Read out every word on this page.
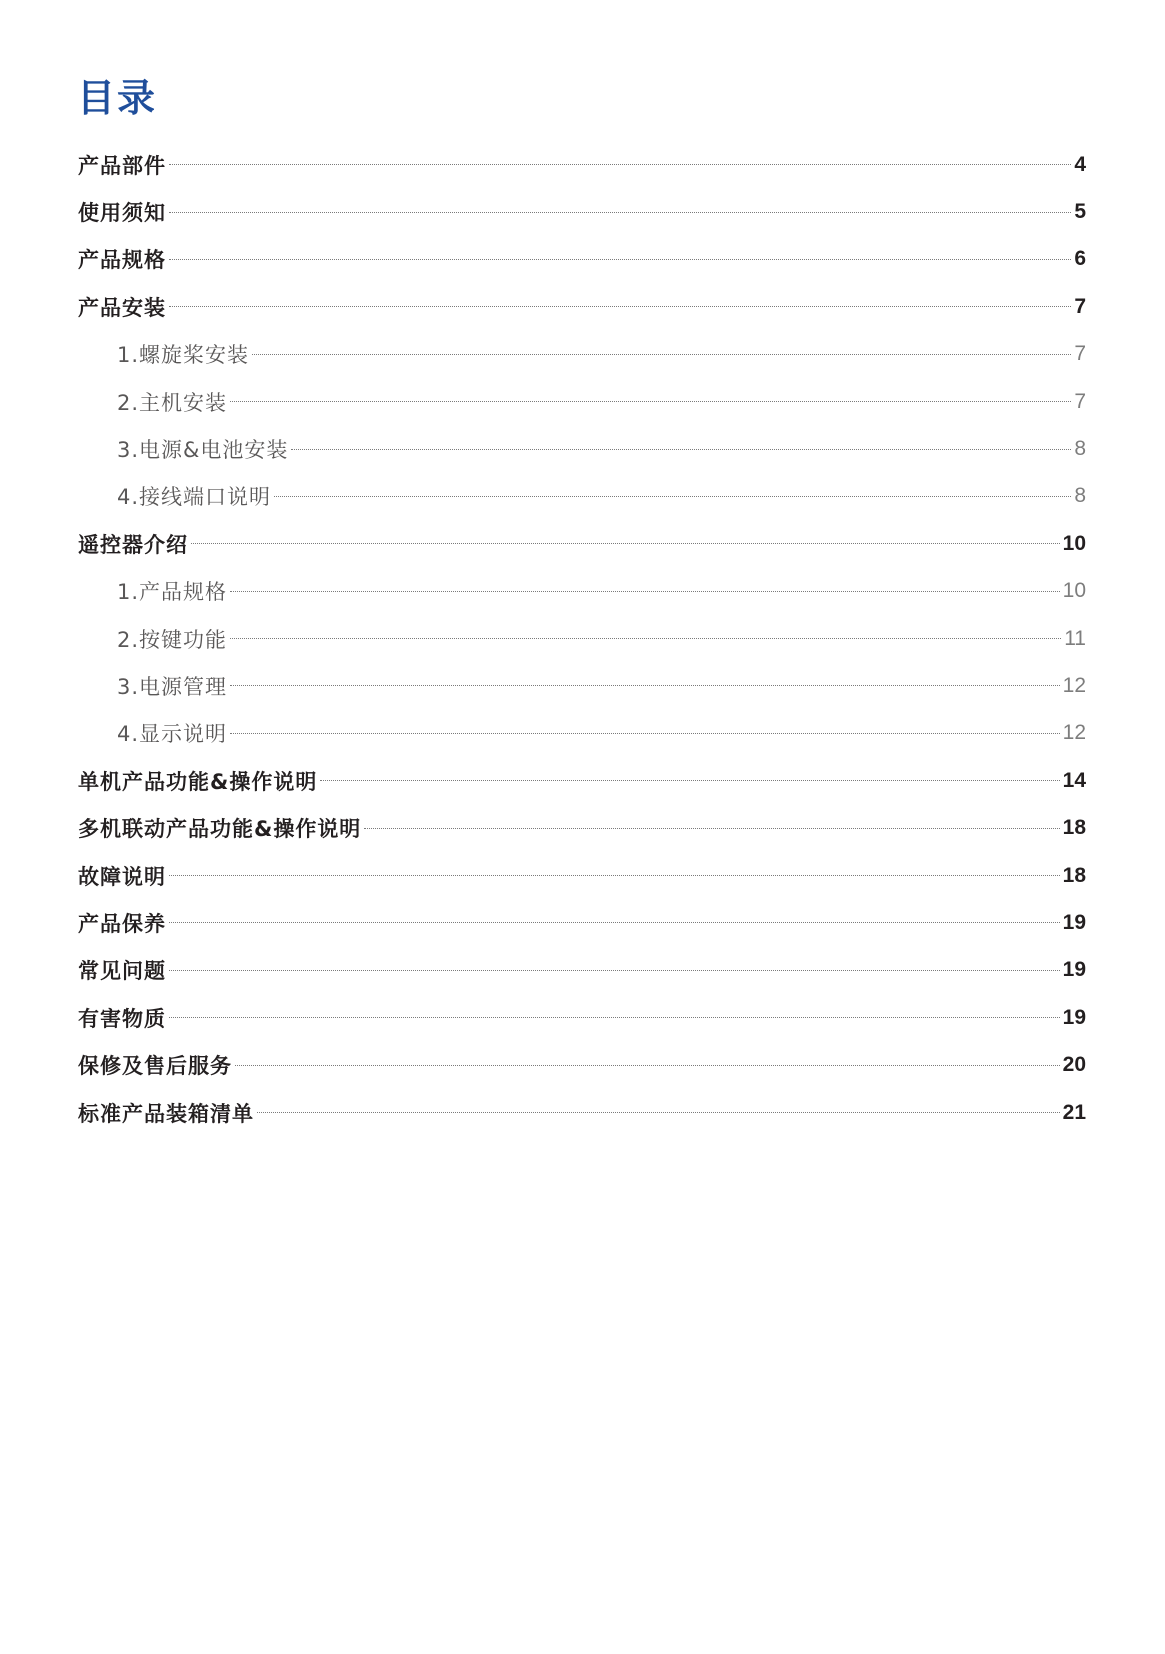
目录
产品部件	4
使用须知	5
产品规格	6
产品安装	7
1.螺旋桨安装	7
2.主机安装	7
3.电源&电池安装	8
4.接线端口说明	8
遥控器介绍	10
1.产品规格	10
2.按键功能	11
3.电源管理	12
4.显示说明	12
单机产品功能&操作说明	14
多机联动产品功能&操作说明	18
故障说明	18
产品保养	19
常见问题	19
有害物质	19
保修及售后服务	20
标准产品装箱清单	21
